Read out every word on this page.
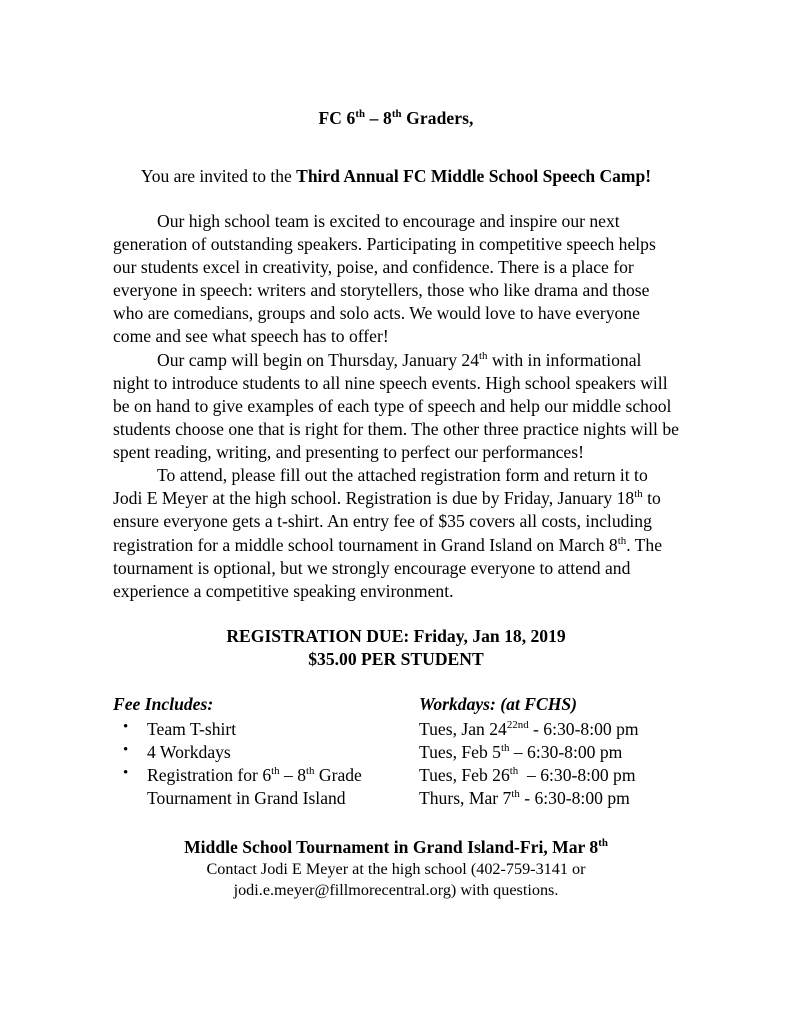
FC 6th – 8th Graders,

You are invited to the Third Annual FC Middle School Speech Camp!

Our high school team is excited to encourage and inspire our next generation of outstanding speakers. Participating in competitive speech helps our students excel in creativity, poise, and confidence. There is a place for everyone in speech: writers and storytellers, those who like drama and those who are comedians, groups and solo acts. We would love to have everyone come and see what speech has to offer!

Our camp will begin on Thursday, January 24th with in informational night to introduce students to all nine speech events. High school speakers will be on hand to give examples of each type of speech and help our middle school students choose one that is right for them. The other three practice nights will be spent reading, writing, and presenting to perfect our performances!

To attend, please fill out the attached registration form and return it to Jodi E Meyer at the high school. Registration is due by Friday, January 18th to ensure everyone gets a t-shirt. An entry fee of $35 covers all costs, including registration for a middle school tournament in Grand Island on March 8th. The tournament is optional, but we strongly encourage everyone to attend and experience a competitive speaking environment.

REGISTRATION DUE: Friday, Jan 18, 2019

$35.00 PER STUDENT

Fee Includes:

• Team T-shirt
• 4 Workdays
• Registration for 6th – 8th Grade Tournament in Grand Island

Workdays: (at FCHS)

Tues, Jan $24^{22nd}$ - 6:30-8:00 pm

Tues, Feb 5th – 6:30-8:00 pm

Tues, Feb 26th  – 6:30-8:00 pm

Thurs, Mar 7th - 6:30-8:00 pm

Middle School Tournament in Grand Island-Fri, Mar 8th

Contact Jodi E Meyer at the high school (402-759-3141 or

jodi.e.meyer@fillmorecentral.org) with questions.
